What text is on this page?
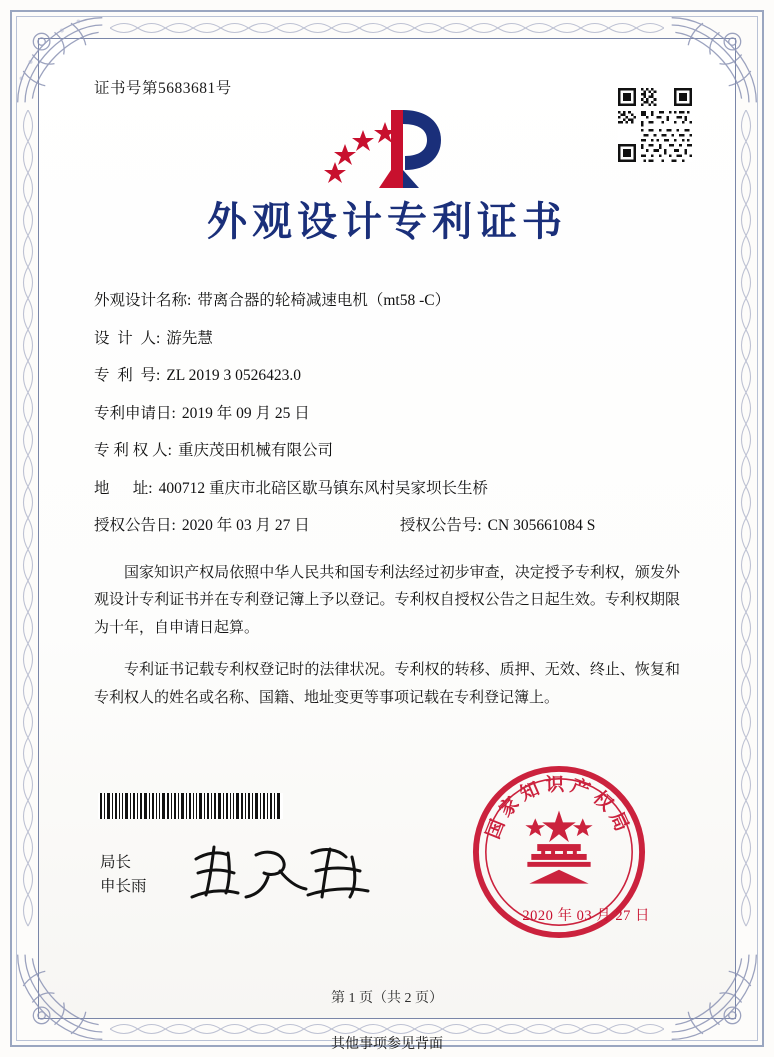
证书号第5683681号
外观设计专利证书
外观设计名称 : 带离合器的轮椅减速电机（mt58 -C）
设  计  人 : 游先慧
专  利  号 : ZL 2019 3 0526423.0
专利申请日 : 2019 年 09 月 25 日
专 利 权 人 : 重庆茂田机械有限公司
地      址 : 400712 重庆市北碚区歇马镇东风村吴家坝长生桥
授权公告日 : 2020 年 03 月 27 日	授权公告号 : CN 305661084 S
国家知识产权局依照中华人民共和国专利法经过初步审查，决定授予专利权，颁发外观设计专利证书并在专利登记簿上予以登记。专利权自授权公告之日起生效。专利权期限为十年，自申请日起算。
专利证书记载专利权登记时的法律状况。专利权的转移、质押、无效、终止、恢复和专利权人的姓名或名称、国籍、地址变更等事项记载在专利登记簿上。
局长
申长雨
国家知识产权局
2020 年 03 月 27 日
第 1 页（共 2 页）
其他事项参见背面
